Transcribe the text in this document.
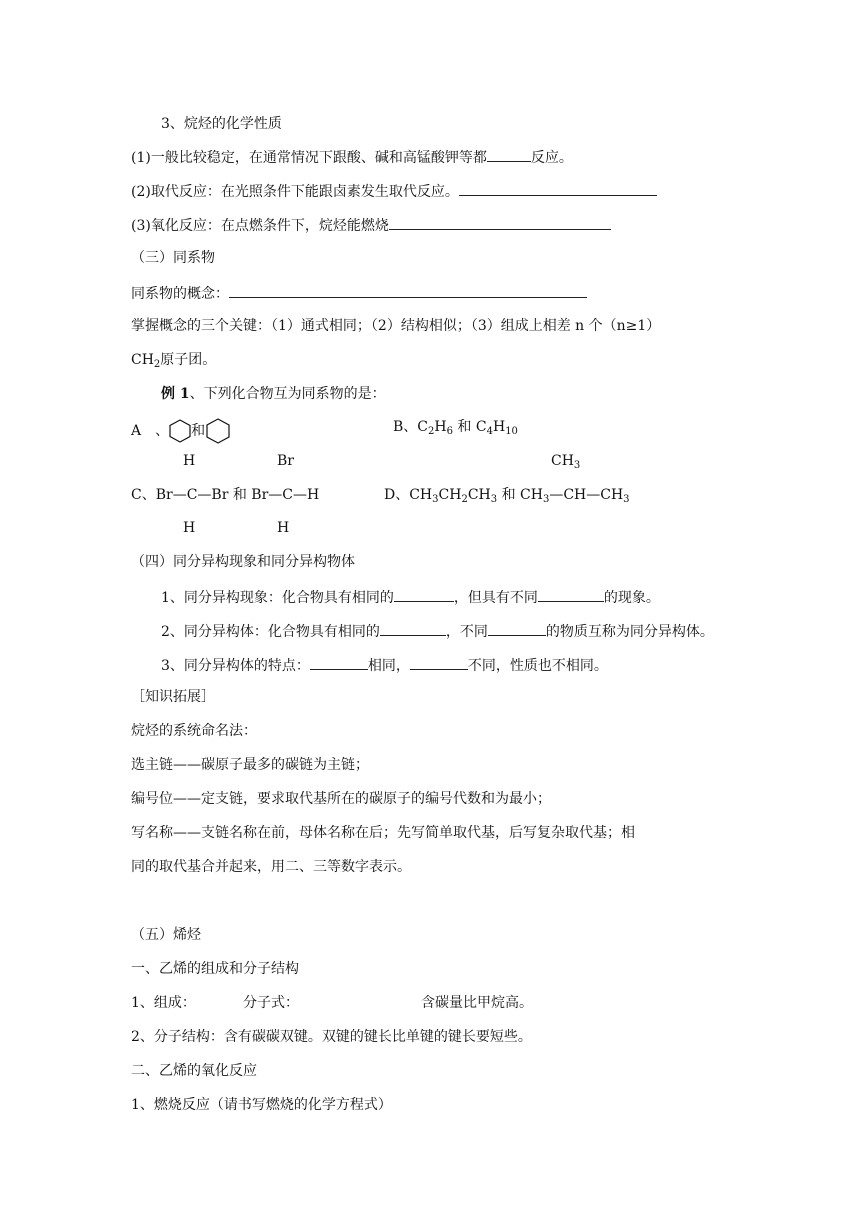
3、烷烃的化学性质
(1)一般比较稳定，在通常情况下跟酸、碱和高锰酸钾等都	反应。
(2)取代反应：在光照条件下能跟卤素发生取代反应。
(3)氧化反应：在点燃条件下，烷烃能燃烧
（三）同系物
同系物的概念：
掌握概念的三个关键：（1）通式相同；（2）结构相似；（3）组成上相差 n 个（n≥1）
$CH_2$原子团。
例 1、下列化合物互为同系物的是：
A　、 和	B、$C_2H_6$ 和 $C_4H_{10}$
H	Br	$CH_3$
C、Br—C—Br 和 Br—C—H	D、$CH_3CH_2CH_3$ 和 $CH_3—CH—CH_3$
H	H
（四）同分异构现象和同分异构物体
1、同分异构现象：化合物具有相同的	，但具有不同	的现象。
2、同分异构体：化合物具有相同的	，不同	的物质互称为同分异构体。
3、同分异构体的特点：	相同，	不同，性质也不相同。
［知识拓展］
烷烃的系统命名法：
选主链——碳原子最多的碳链为主链；
编号位——定支链，要求取代基所在的碳原子的编号代数和为最小；
写名称——支链名称在前，母体名称在后；先写简单取代基，后写复杂取代基；相
同的取代基合并起来，用二、三等数字表示。
（五）烯烃
一、乙烯的组成和分子结构
1、组成：	分子式：	含碳量比甲烷高。
2、分子结构：含有碳碳双键。双键的键长比单键的键长要短些。
二、乙烯的氧化反应
1、燃烧反应（请书写燃烧的化学方程式）
